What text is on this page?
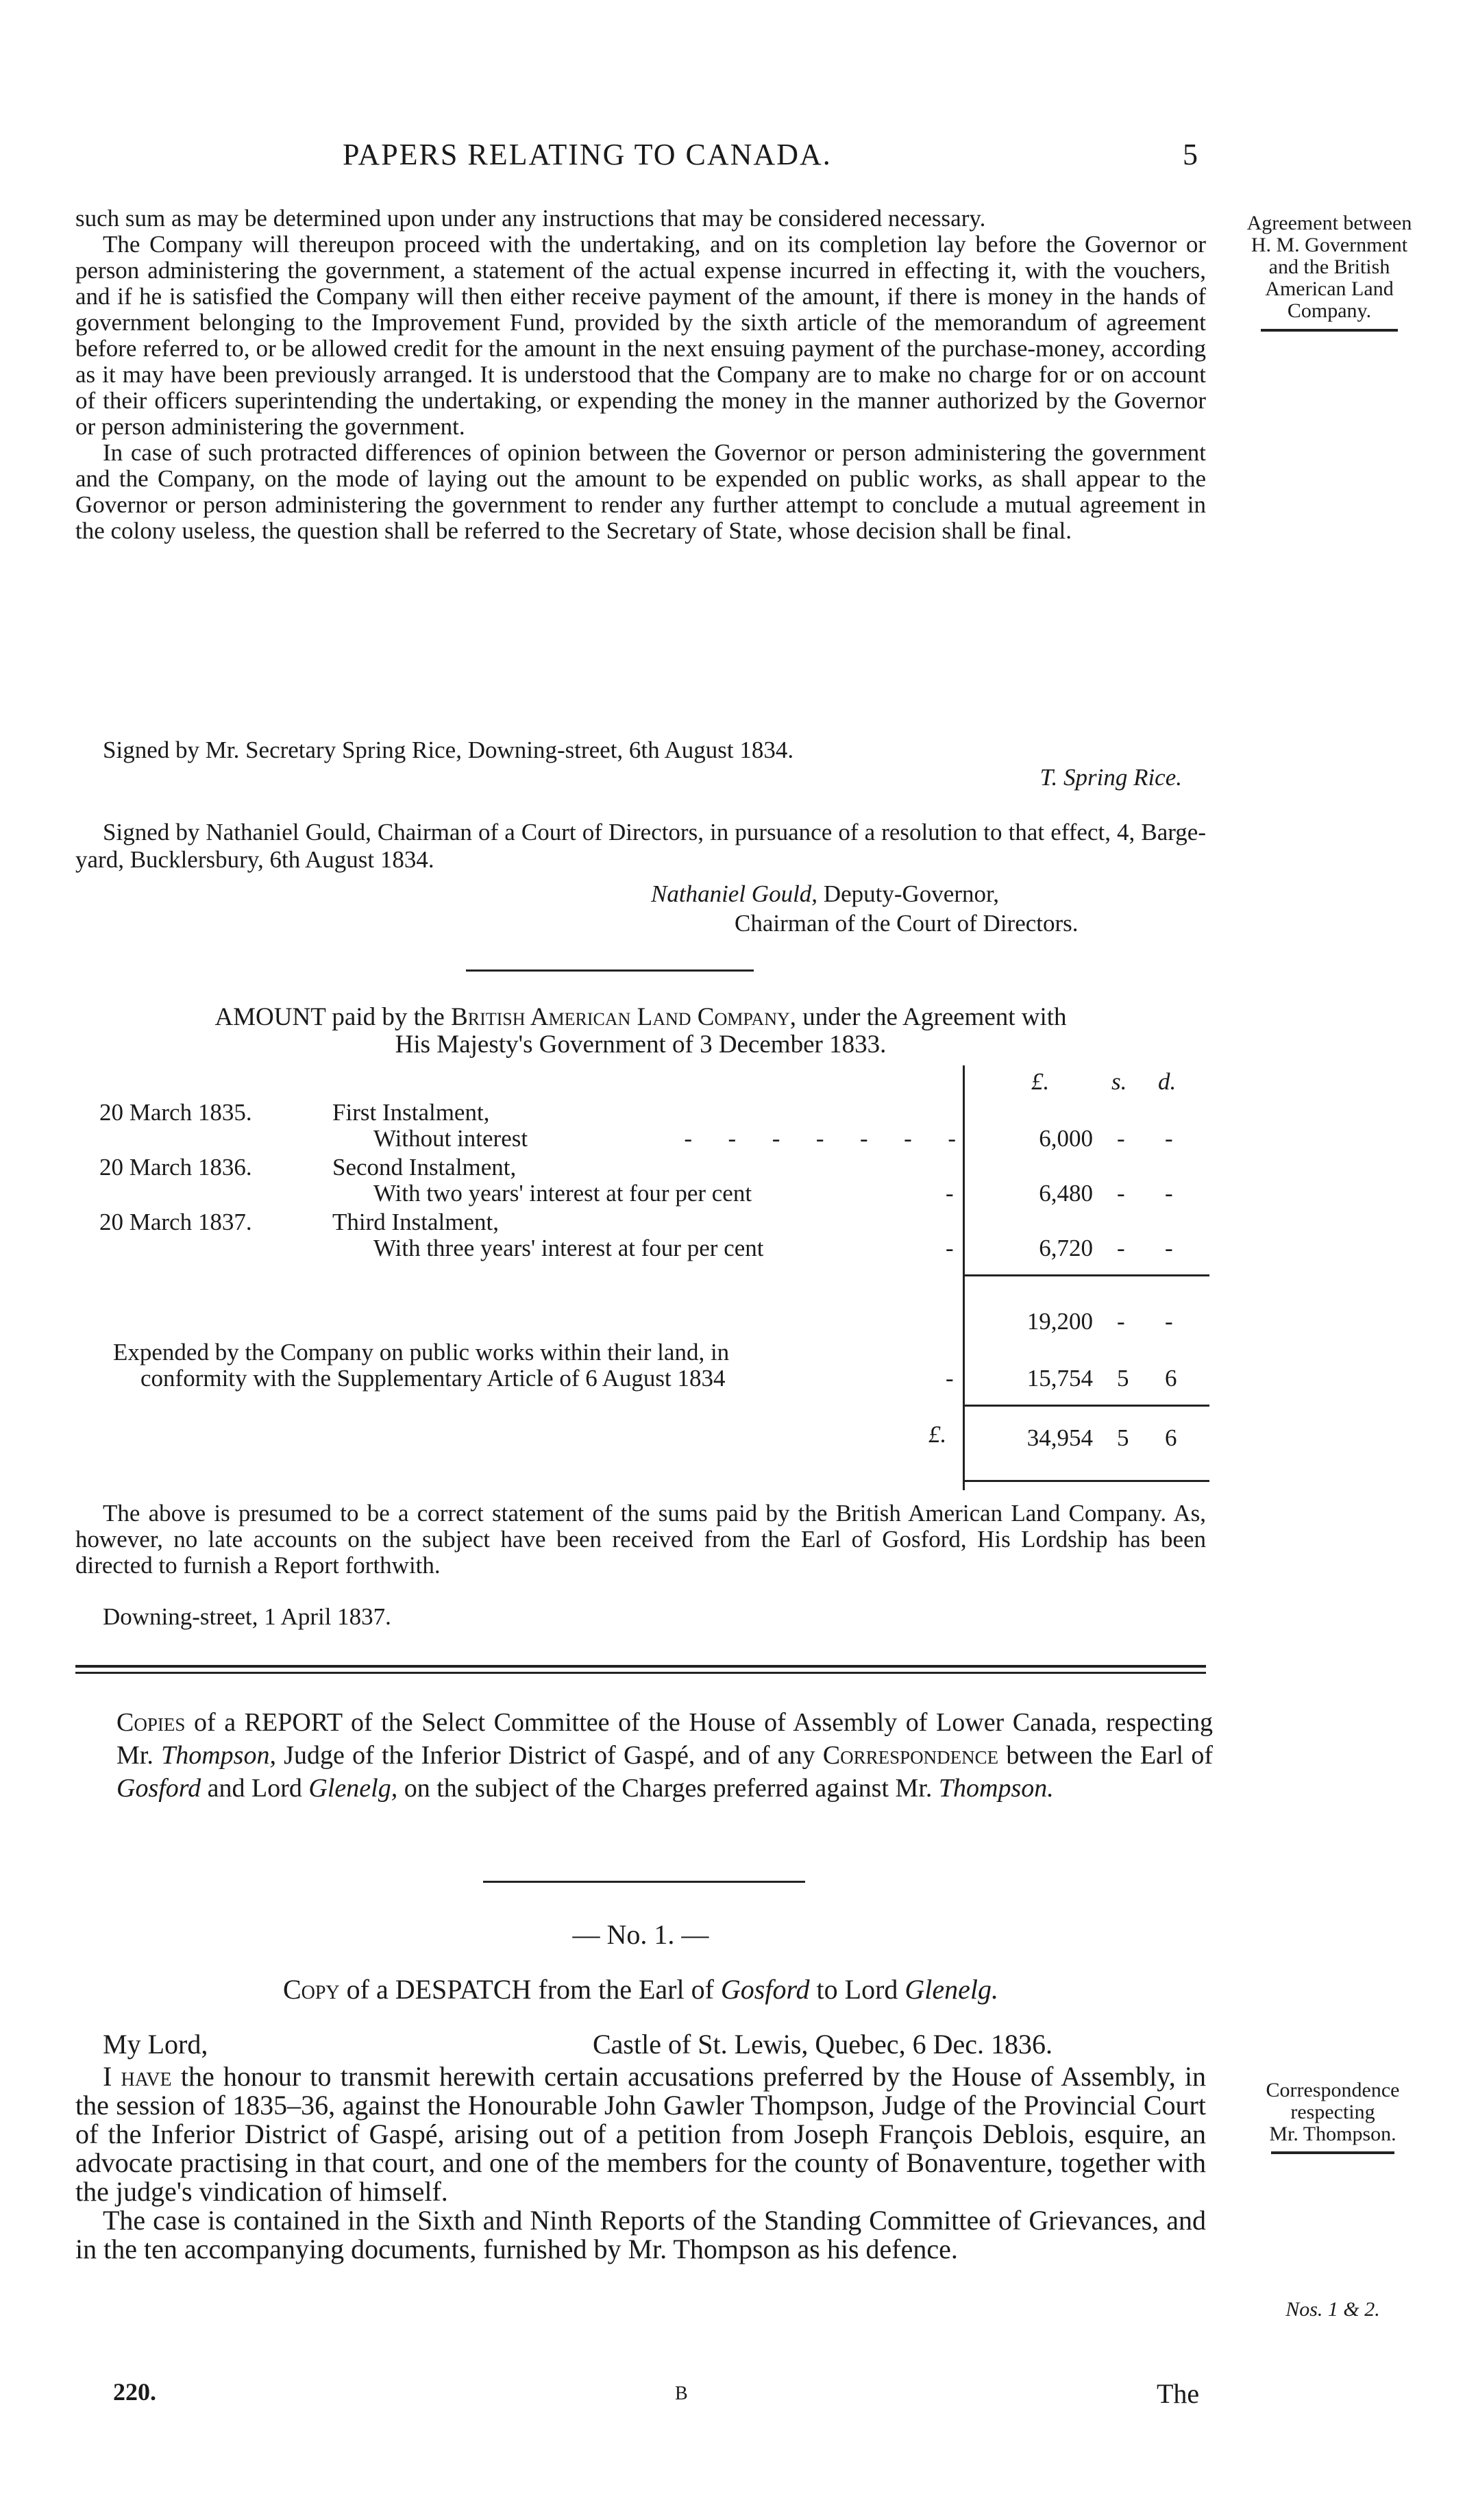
PAPERS RELATING TO CANADA.	5
Agreement between
H. M. Government
and the British
American Land
Company.

such sum as may be determined upon under any instructions that may be considered necessary.

The Company will thereupon proceed with the undertaking, and on its completion lay before the Governor or person administering the government, a statement of the actual expense incurred in effecting it, with the vouchers, and if he is satisfied the Company will then either receive payment of the amount, if there is money in the hands of government belonging to the Improvement Fund, provided by the sixth article of the memorandum of agreement before referred to, or be allowed credit for the amount in the next ensuing payment of the purchase-money, according as it may have been previously arranged. It is understood that the Company are to make no charge for or on account of their officers superintending the undertaking, or expending the money in the manner authorized by the Governor or person administering the government.

In case of such protracted differences of opinion between the Governor or person administering the government and the Company, on the mode of laying out the amount to be expended on public works, as shall appear to the Governor or person administering the government to render any further attempt to conclude a mutual agreement in the colony useless, the question shall be referred to the Secretary of State, whose decision shall be final.

Signed by Mr. Secretary Spring Rice, Downing-street, 6th August 1834.
T. Spring Rice.

Signed by Nathaniel Gould, Chairman of a Court of Directors, in pursuance of a resolution to that effect, 4, Barge-yard, Bucklersbury, 6th August 1834.

Nathaniel Gould, Deputy-Governor,
Chairman of the Court of Directors.
AMOUNT paid by the British American Land Company, under the Agreement with
His Majesty's Government of 3 December 1833.
£.	s. d.
20 March 1835.	First Instalment,
Without interest	-      -      -      -      -      -      -	6,000 - -
20 March 1836.	Second Instalment,
With two years' interest at four per cent	-	6,480 - -
20 March 1837.	Third Instalment,
With three years' interest at four per cent	-	6,720 - -
19,200 - -
Expended by the Company on public works within their land, in
conformity with the Supplementary Article of 6 August 1834	-	15,754 5 6
£.	34,954 5 6

The above is presumed to be a correct statement of the sums paid by the British American Land Company. As, however, no late accounts on the subject have been received from the Earl of Gosford, His Lordship has been directed to furnish a Report forthwith.

Downing-street, 1 April 1837.
Copies of a REPORT of the Select Committee of the House of Assembly of Lower Canada, respecting Mr. Thompson, Judge of the Inferior District of Gaspé, and of any Correspondence between the Earl of Gosford and Lord Glenelg, on the subject of the Charges preferred against Mr. Thompson.
— No. 1. —
Copy of a DESPATCH from the Earl of Gosford to Lord Glenelg.
My Lord,	Castle of St. Lewis, Quebec, 6 Dec. 1836.

I have the honour to transmit herewith certain accusations preferred by the House of Assembly, in the session of 1835–36, against the Honourable John Gawler Thompson, Judge of the Provincial Court of the Inferior District of Gaspé, arising out of a petition from Joseph François Deblois, esquire, an advocate practising in that court, and one of the members for the county of Bonaventure, together with the judge's vindication of himself.

The case is contained in the Sixth and Ninth Reports of the Standing Committee of Grievances, and in the ten accompanying documents, furnished by Mr. Thompson as his defence.

Correspondence
respecting
Mr. Thompson.
Nos. 1 & 2.
220.	B	The
